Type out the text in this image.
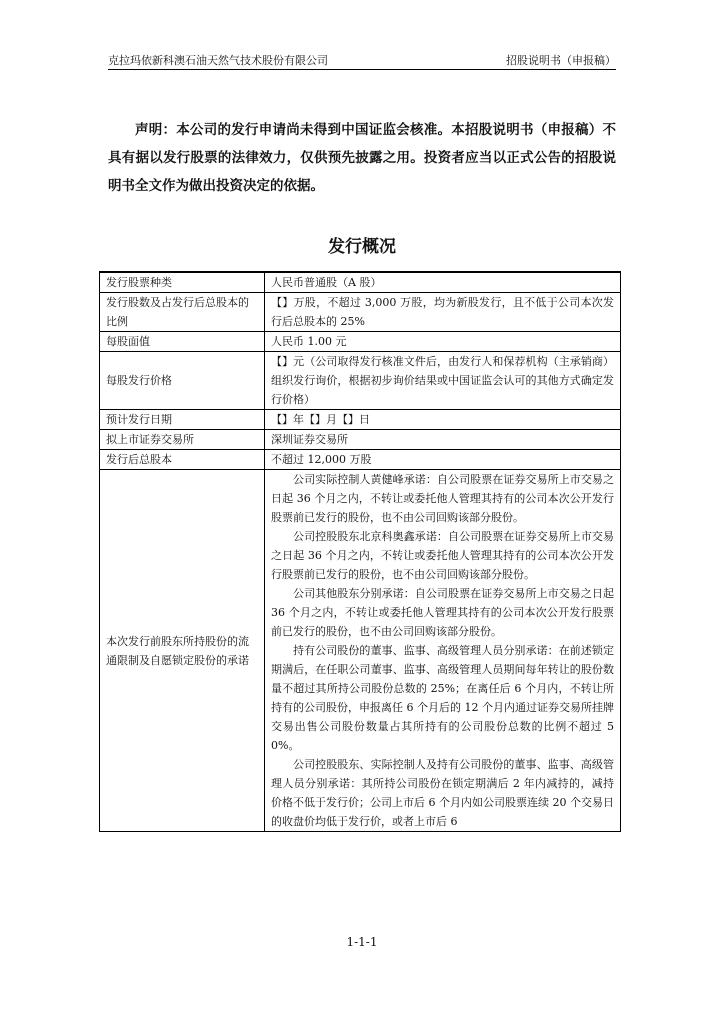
克拉玛依新科澳石油天然气技术股份有限公司	招股说明书（申报稿）

声明：本公司的发行申请尚未得到中国证监会核准。本招股说明书（申报稿）不具有据以发行股票的法律效力，仅供预先披露之用。投资者应当以正式公告的招股说明书全文作为做出投资决定的依据。

发行概况
发行股票种类	人民币普通股（A 股）
发行股数及占发行后总股本的比例	【】万股，不超过 3,000 万股，均为新股发行，且不低于公司本次发行后总股本的 25%
每股面值	人民币 1.00 元
每股发行价格	【】元（公司取得发行核准文件后，由发行人和保荐机构（主承销商）组织发行询价，根据初步询价结果或中国证监会认可的其他方式确定发行价格）
预计发行日期	【】年【】月【】日
拟上市证券交易所	深圳证券交易所
发行后总股本	不超过 12,000 万股
本次发行前股东所持股份的流通限制及自愿锁定股份的承诺	公司实际控制人黄健峰承诺：自公司股票在证券交易所上市交易之日起 36 个月之内，不转让或委托他人管理其持有的公司本次公开发行股票前已发行的股份，也不由公司回购该部分股份。
公司控股股东北京科奥鑫承诺：自公司股票在证券交易所上市交易之日起 36 个月之内，不转让或委托他人管理其持有的公司本次公开发行股票前已发行的股份，也不由公司回购该部分股份。
公司其他股东分别承诺：自公司股票在证券交易所上市交易之日起 36 个月之内，不转让或委托他人管理其持有的公司本次公开发行股票前已发行的股份，也不由公司回购该部分股份。
持有公司股份的董事、监事、高级管理人员分别承诺：在前述锁定期满后，在任职公司董事、监事、高级管理人员期间每年转让的股份数量不超过其所持公司股份总数的 25%；在离任后 6 个月内，不转让所持有的公司股份，申报离任 6 个月后的 12 个月内通过证券交易所挂牌交易出售公司股份数量占其所持有的公司股份总数的比例不超过 50%。
公司控股股东、实际控制人及持有公司股份的董事、监事、高级管理人员分别承诺：其所持公司股份在锁定期满后 2 年内减持的，减持价格不低于发行价；公司上市后 6 个月内如公司股票连续 20 个交易日的收盘价均低于发行价，或者上市后 6
1-1-1
